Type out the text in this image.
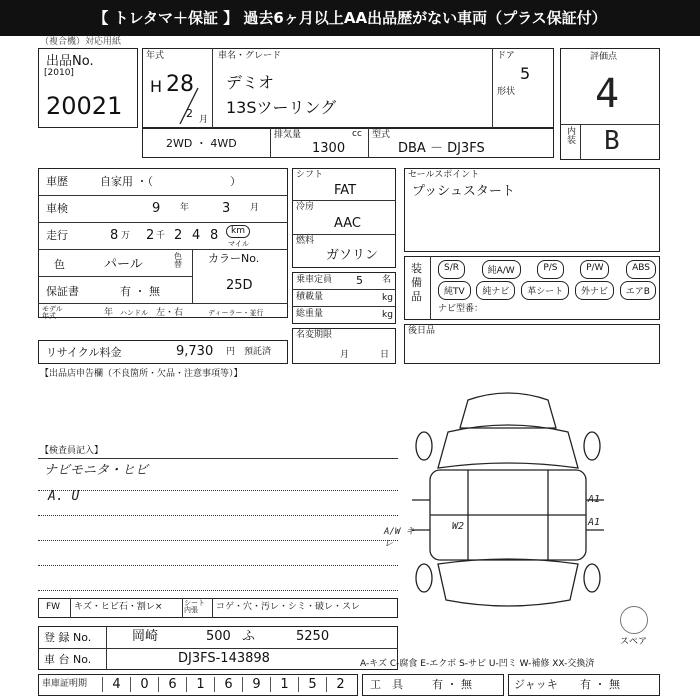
【 トレタマ＋保証 】 過去6ヶ月以上AA出品歴がない車両（プラス保証付）
（複合機）対応用紙
出品No.
[2010]
20021
年式
H 28
2 月
車名・グレード
デミオ
13Sツーリング
ドア
5
形状
評価点
4
内装 B
2WD ・ 4WD
排気量	cc
1300
型式
DBA － DJ3FS
車歴	自家用 ・（　　　　　　　）
車検	9 年	3 月
走行	8 万 2 千 2 4 8	km
マイル
色	パール
色替 カラーNo.
25D
保証書	有 ・ 無
モデル年式	年 ハンドル 左・右	ディーラー・並行
リサイクル料金	9,730 円 預託済
シフト
FAT
冷房
AAC
燃料
ガソリン
乗車定員 5 名
積載量	kg
総重量	kg
名変期限
月	日
セールスポイント
プッシュスタート
装備品
S/R	純A/W	P/S	P/W	ABS
純TV	純ナビ	革シート	外ナビ	エアB
ナビ型番：
後日品
【出品店申告欄（不良箇所・欠品・注意事項等）】
【検査員記入】
ナビモニタ・ヒビ
A. U	A1
A1
W2
A/W キレ
スペア
FW キズ・ヒビ石・割レ×	シート内張	コゲ・穴・汚レ・シミ・破レ・スレ
登 録 No.	岡崎	500 ふ	5250
車 台 No.	DJ3FS-143898	A-キズ C-腐食 E-エクボ S-サビ U-凹ミ W-補修 XX-交換済
車庫証明期	4	0	6	1	6	9	1	5	2	工　具	有 ・ 無	ジャッキ 有 ・ 無
